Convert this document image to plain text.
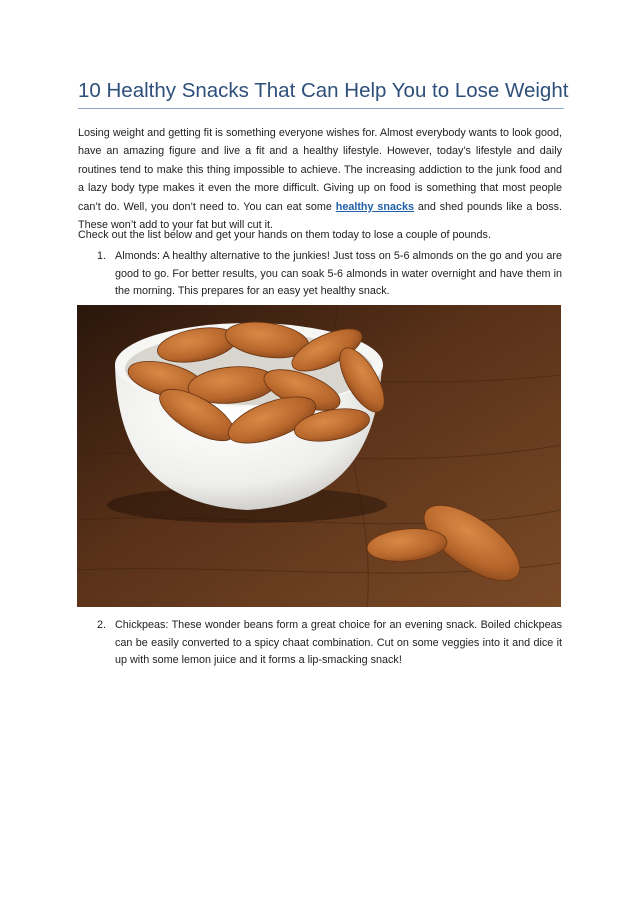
10 Healthy Snacks That Can Help You to Lose Weight

Losing weight and getting fit is something everyone wishes for. Almost everybody wants to look good, have an amazing figure and live a fit and a healthy lifestyle. However, today’s lifestyle and daily routines tend to make this thing impossible to achieve. The increasing addiction to the junk food and a lazy body type makes it even the more difficult. Giving up on food is something that most people can’t do. Well, you don’t need to. You can eat some healthy snacks and shed pounds like a boss. These won’t add to your fat but will cut it.

Check out the list below and get your hands on them today to lose a couple of pounds.

1. Almonds: A healthy alternative to the junkies! Just toss on 5-6 almonds on the go and you are good to go. For better results, you can soak 5-6 almonds in water overnight and have them in the morning. This prepares for an easy yet healthy snack.
2. Chickpeas: These wonder beans form a great choice for an evening snack. Boiled chickpeas can be easily converted to a spicy chaat combination. Cut on some veggies into it and dice it up with some lemon juice and it forms a lip-smacking snack!
